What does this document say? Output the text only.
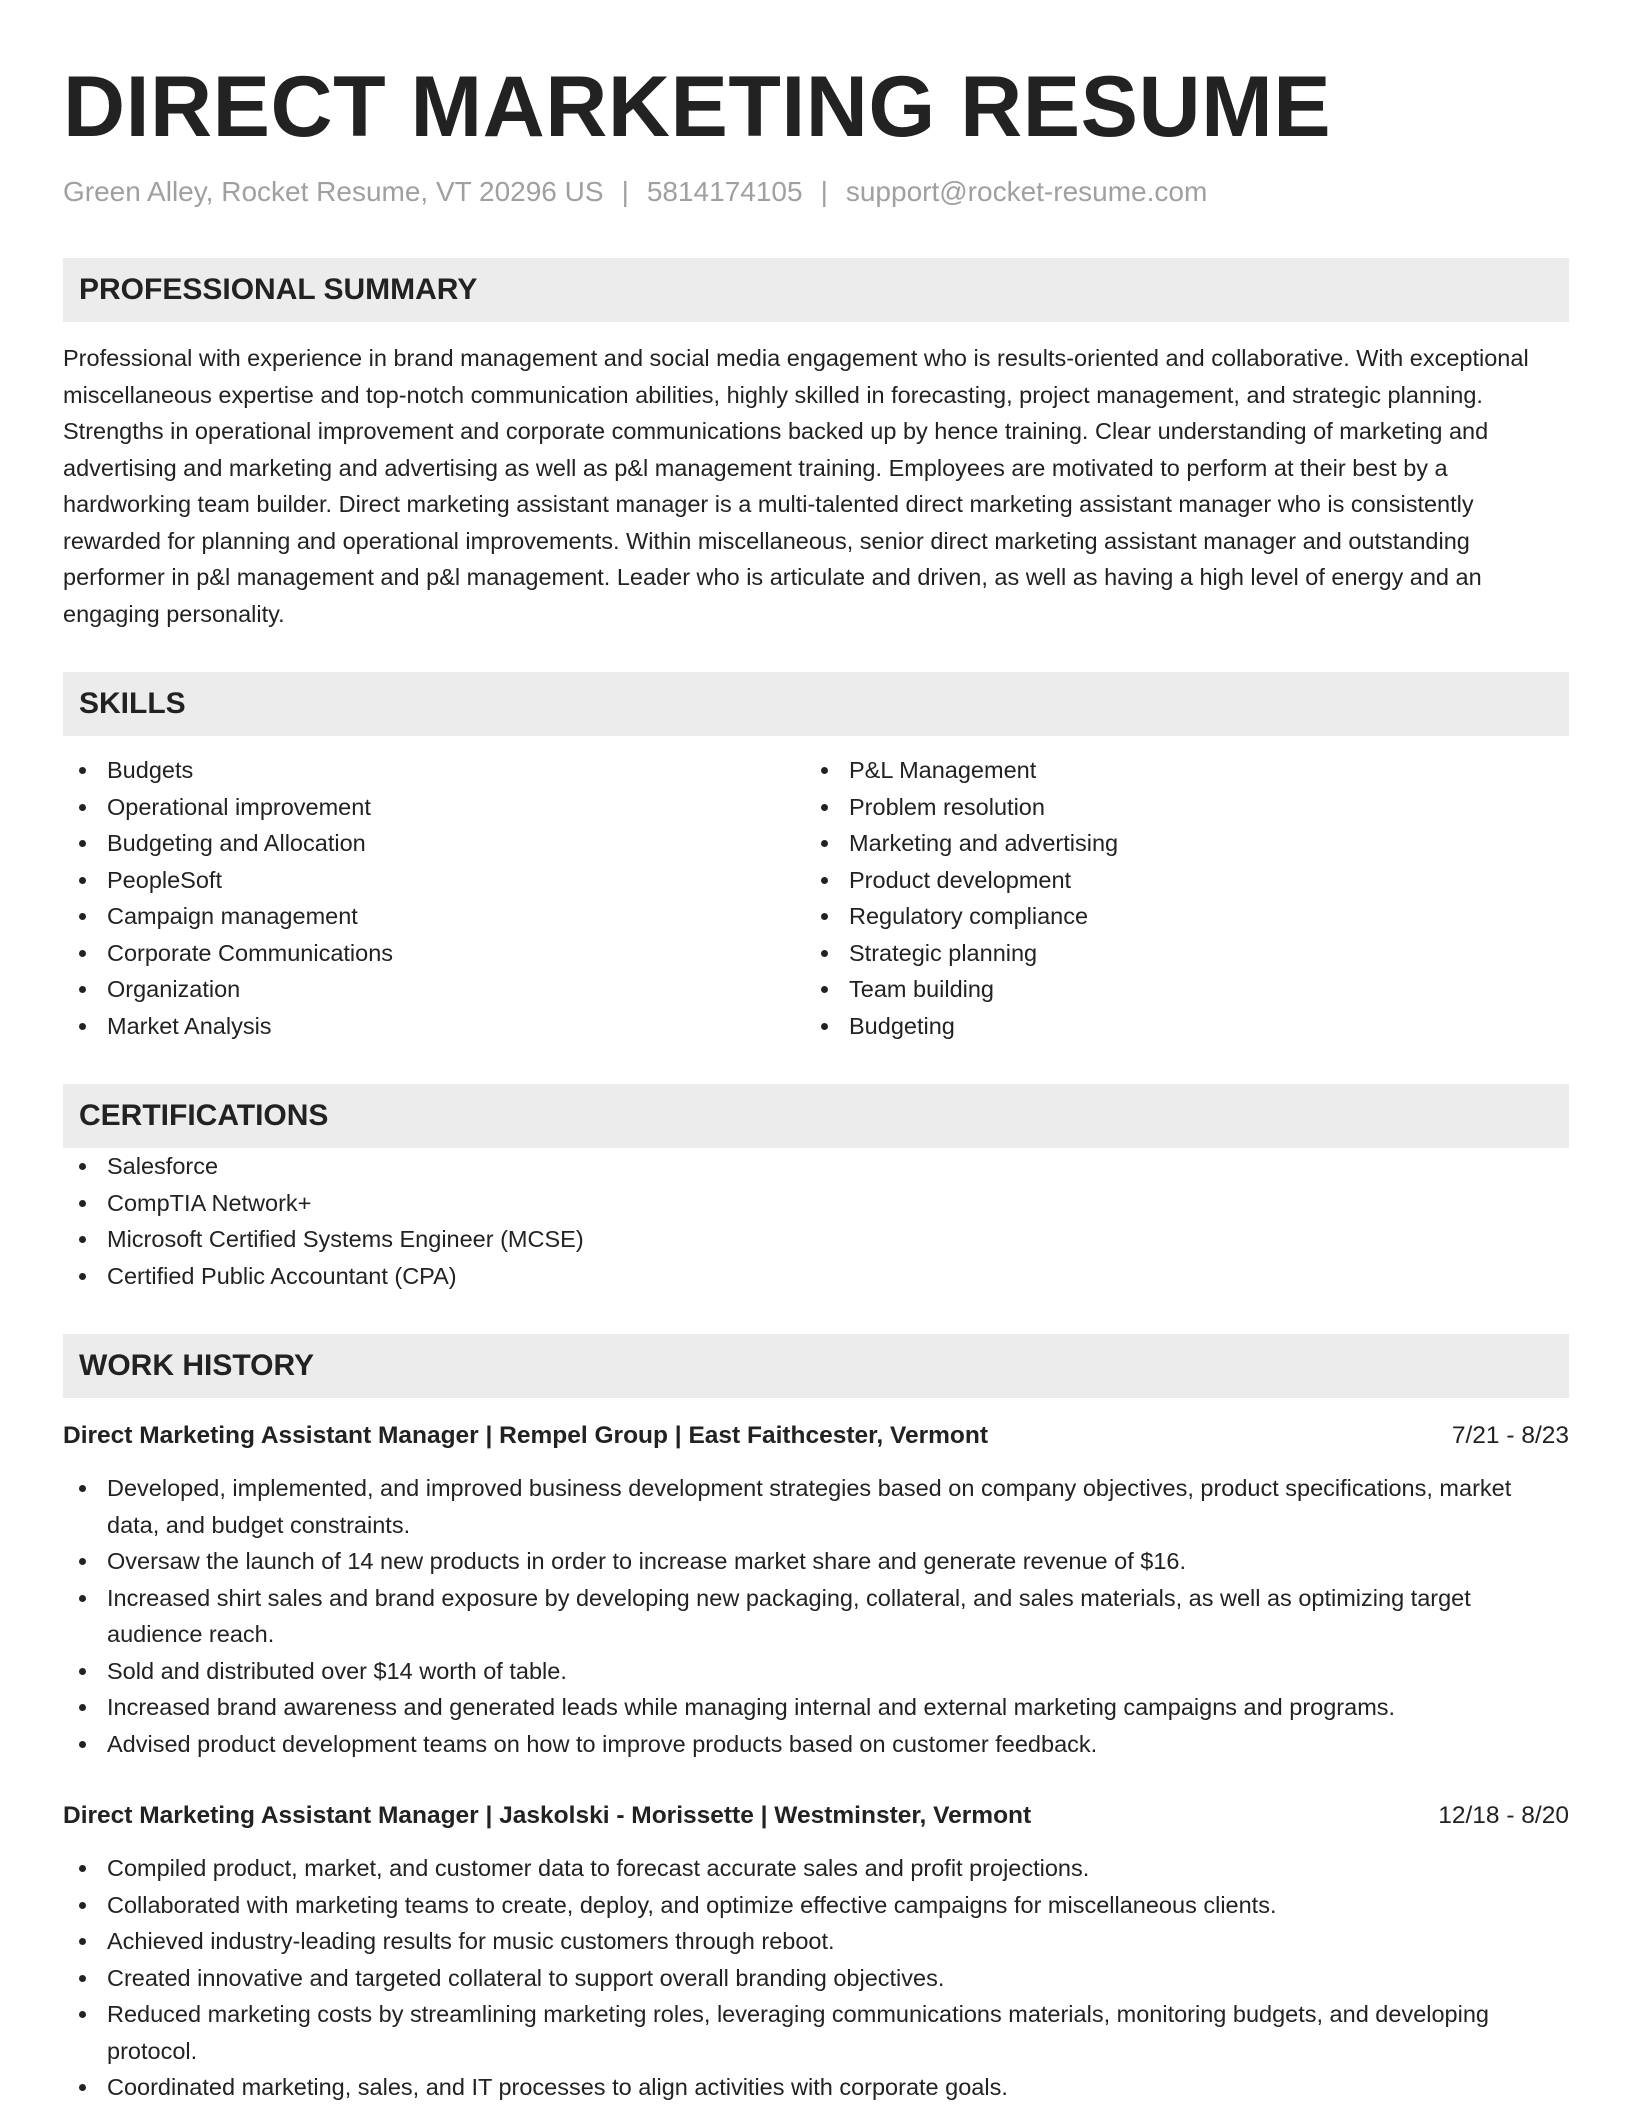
DIRECT MARKETING RESUME
Green Alley, Rocket Resume, VT 20296 US | 5814174105 | support@rocket-resume.com
PROFESSIONAL SUMMARY
Professional with experience in brand management and social media engagement who is results-oriented and collaborative. With exceptional miscellaneous expertise and top-notch communication abilities, highly skilled in forecasting, project management, and strategic planning. Strengths in operational improvement and corporate communications backed up by hence training. Clear understanding of marketing and advertising and marketing and advertising as well as p&l management training. Employees are motivated to perform at their best by a hardworking team builder. Direct marketing assistant manager is a multi-talented direct marketing assistant manager who is consistently rewarded for planning and operational improvements. Within miscellaneous, senior direct marketing assistant manager and outstanding performer in p&l management and p&l management. Leader who is articulate and driven, as well as having a high level of energy and an engaging personality.
SKILLS
Budgets
Operational improvement
Budgeting and Allocation
PeopleSoft
Campaign management
Corporate Communications
Organization
Market Analysis
P&L Management
Problem resolution
Marketing and advertising
Product development
Regulatory compliance
Strategic planning
Team building
Budgeting
CERTIFICATIONS
Salesforce
CompTIA Network+
Microsoft Certified Systems Engineer (MCSE)
Certified Public Accountant (CPA)
WORK HISTORY
Direct Marketing Assistant Manager | Rempel Group | East Faithcester, Vermont	7/21 - 8/23
Developed, implemented, and improved business development strategies based on company objectives, product specifications, market data, and budget constraints.
Oversaw the launch of 14 new products in order to increase market share and generate revenue of $16.
Increased shirt sales and brand exposure by developing new packaging, collateral, and sales materials, as well as optimizing target audience reach.
Sold and distributed over $14 worth of table.
Increased brand awareness and generated leads while managing internal and external marketing campaigns and programs.
Advised product development teams on how to improve products based on customer feedback.
Direct Marketing Assistant Manager | Jaskolski - Morissette | Westminster, Vermont	12/18 - 8/20
Compiled product, market, and customer data to forecast accurate sales and profit projections.
Collaborated with marketing teams to create, deploy, and optimize effective campaigns for miscellaneous clients.
Achieved industry-leading results for music customers through reboot.
Created innovative and targeted collateral to support overall branding objectives.
Reduced marketing costs by streamlining marketing roles, leveraging communications materials, monitoring budgets, and developing protocol.
Coordinated marketing, sales, and IT processes to align activities with corporate goals.
